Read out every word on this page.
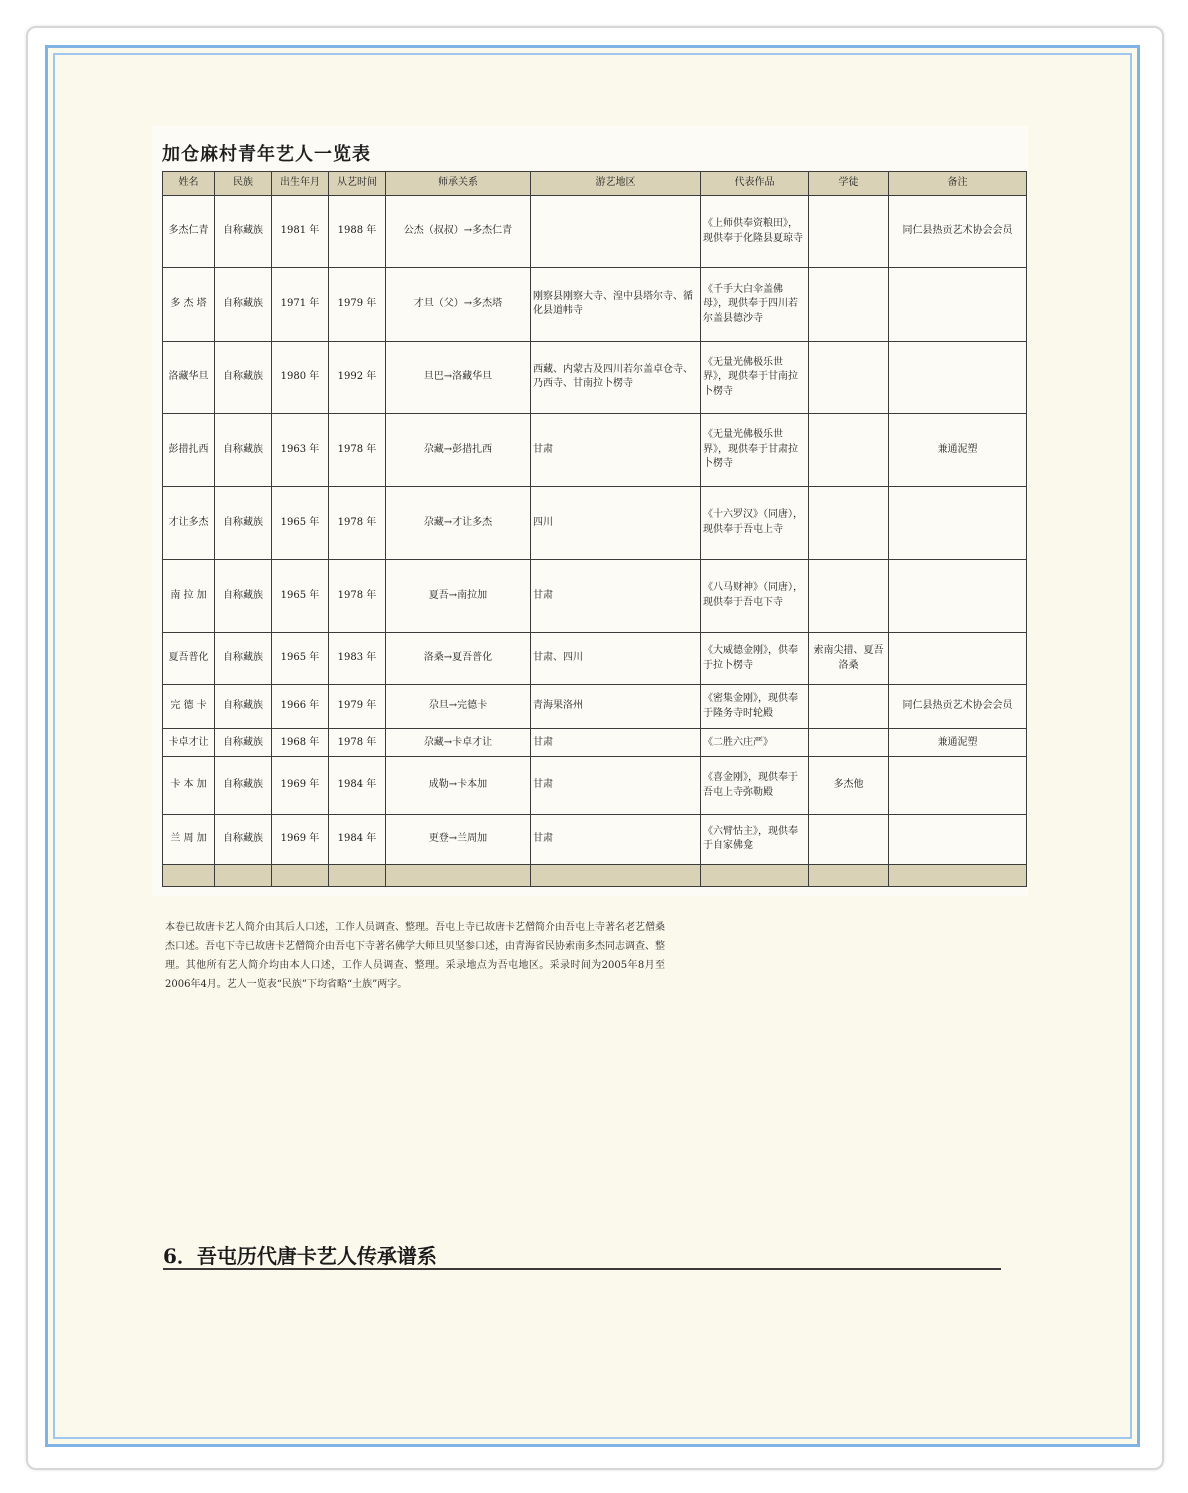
加仓麻村青年艺人一览表
姓名	民族	出生年月	从艺时间	师承关系	游艺地区	代表作品	学徒	备注
多杰仁青	自称藏族	1981 年	1988 年	公杰（叔叔）→多杰仁青		《上师供奉资粮田》，现供奉于化隆县夏琼寺		同仁县热贡艺术协会会员
多 杰 塔	自称藏族	1971 年	1979 年	才旦（父）→多杰塔	刚察县刚察大寺、湟中县塔尔寺、循化县道帏寺	《千手大白伞盖佛母》，现供奉于四川若尔盖县德沙寺		
洛藏华旦	自称藏族	1980 年	1992 年	旦巴→洛藏华旦	西藏、内蒙古及四川若尔盖卓仓寺、乃西寺、甘南拉卜楞寺	《无量光佛极乐世界》，现供奉于甘南拉卜楞寺		
彭措扎西	自称藏族	1963 年	1978 年	尕藏→彭措扎西	甘肃	《无量光佛极乐世界》，现供奉于甘肃拉卜楞寺		兼通泥塑
才让多杰	自称藏族	1965 年	1978 年	尕藏→才让多杰	四川	《十六罗汉》（同唐），现供奉于吾屯上寺		
南 拉 加	自称藏族	1965 年	1978 年	夏吾→南拉加	甘肃	《八马财神》（同唐），现供奉于吾屯下寺		
夏吾普化	自称藏族	1965 年	1983 年	洛桑→夏吾普化	甘肃、四川	《大威德金刚》，供奉于拉卜楞寺	索南尖措、夏吾洛桑	
完 德 卡	自称藏族	1966 年	1979 年	尕旦→完德卡	青海果洛州	《密集金刚》，现供奉于隆务寺时轮殿		同仁县热贡艺术协会会员
卡卓才让	自称藏族	1968 年	1978 年	尕藏→卡卓才让	甘肃	《二胜六庄严》		兼通泥塑
卡 本 加	自称藏族	1969 年	1984 年	成勒→卡本加	甘肃	《喜金刚》，现供奉于吾屯上寺弥勒殿	多杰他	
兰 周 加	自称藏族	1969 年	1984 年	更登→兰周加	甘肃	《六臂怙主》，现供奉于自家佛龛		

本卷已故唐卡艺人简介由其后人口述，工作人员调查、整理。吾屯上寺已故唐卡艺僧简介由吾屯上寺著名老艺僧桑杰口述。吾屯下寺已故唐卡艺僧简介由吾屯下寺著名佛学大师旦贝坚参口述，由青海省民协索南多杰同志调查、整理。其他所有艺人简介均由本人口述，工作人员调查、整理。采录地点为吾屯地区。采录时间为2005年8月至2006年4月。艺人一览表“民族”下均省略“土族”两字。
6．吾屯历代唐卡艺人传承谱系
